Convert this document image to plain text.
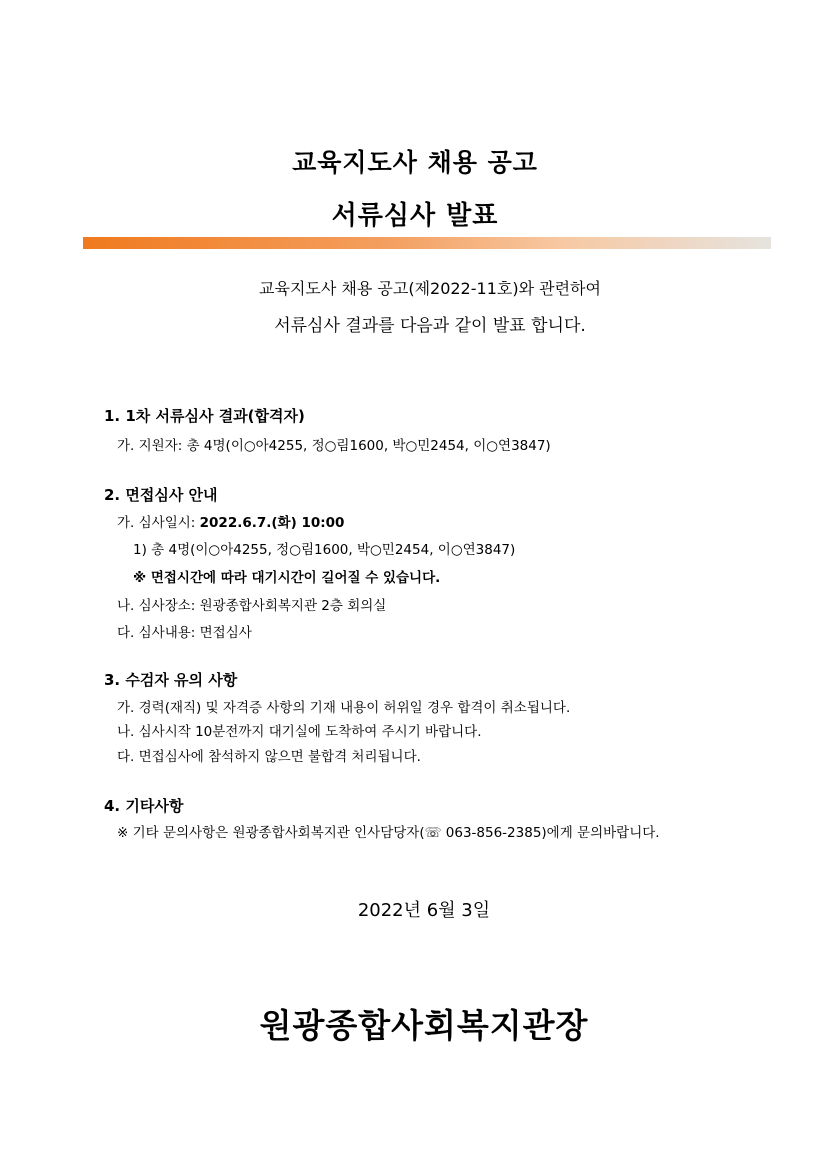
교육지도사 채용 공고
서류심사 발표
교육지도사 채용 공고(제2022-11호)와 관련하여
서류심사 결과를 다음과 같이 발표 합니다.
1. 1차 서류심사 결과(합격자)
가. 지원자: 총 4명(이○아4255, 정○림1600, 박○민2454, 이○연3847)
2. 면접심사 안내
가. 심사일시: 2022.6.7.(화) 10:00
1) 총 4명(이○아4255, 정○림1600, 박○민2454, 이○연3847)
※ 면접시간에 따라 대기시간이 길어질 수 있습니다.
나. 심사장소: 원광종합사회복지관 2층 회의실
다. 심사내용: 면접심사
3. 수검자 유의 사항
가. 경력(재직) 및 자격증 사항의 기재 내용이 허위일 경우 합격이 취소됩니다.
나. 심사시작 10분전까지 대기실에 도착하여 주시기 바랍니다.
다. 면접심사에 참석하지 않으면 불합격 처리됩니다.
4. 기타사항
※ 기타 문의사항은 원광종합사회복지관 인사담당자(☏ 063-856-2385)에게 문의바랍니다.
2022년 6월 3일
원광종합사회복지관장
